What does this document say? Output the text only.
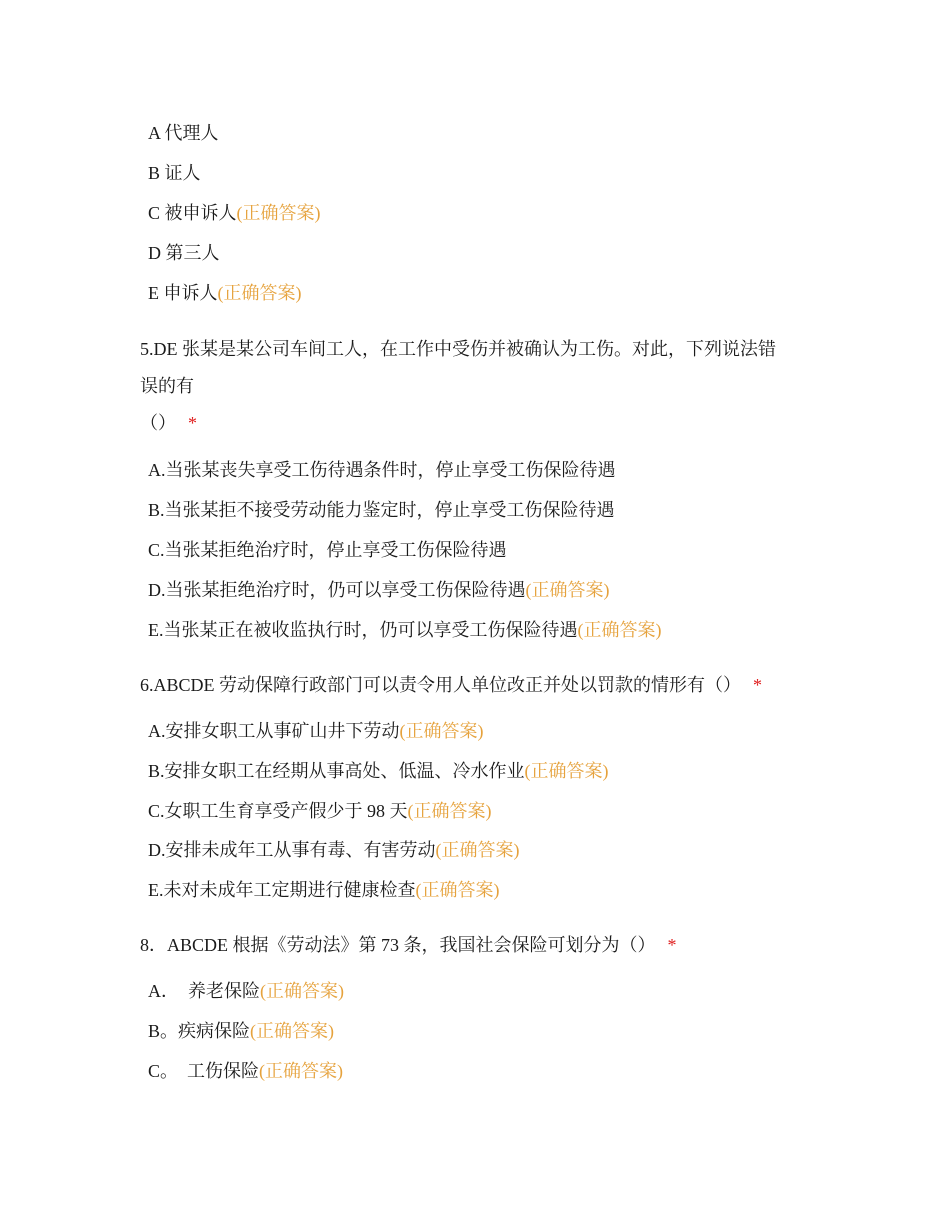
A 代理人
B 证人
C 被申诉人(正确答案)
D 第三人
E 申诉人(正确答案)
5.DE 张某是某公司车间工人，在工作中受伤并被确认为工伤。对此，下列说法错
误的有
（） *
A.当张某丧失享受工伤待遇条件时，停止享受工伤保险待遇
B.当张某拒不接受劳动能力鉴定时，停止享受工伤保险待遇
C.当张某拒绝治疗时，停止享受工伤保险待遇
D.当张某拒绝治疗时，仍可以享受工伤保险待遇(正确答案)
E.当张某正在被收监执行时，仍可以享受工伤保险待遇(正确答案)
6.ABCDE 劳动保障行政部门可以责令用人单位改正并处以罚款的情形有（） *
A.安排女职工从事矿山井下劳动(正确答案)
B.安排女职工在经期从事高处、低温、冷水作业(正确答案)
C.女职工生育享受产假少于 98 天(正确答案)
D.安排未成年工从事有毒、有害劳动(正确答案)
E.未对未成年工定期进行健康检查(正确答案)
8．ABCDE 根据《劳动法》第 73 条，我国社会保险可划分为（） *
A．  养老保险(正确答案)
B。疾病保险(正确答案)
C。  工伤保险(正确答案)
